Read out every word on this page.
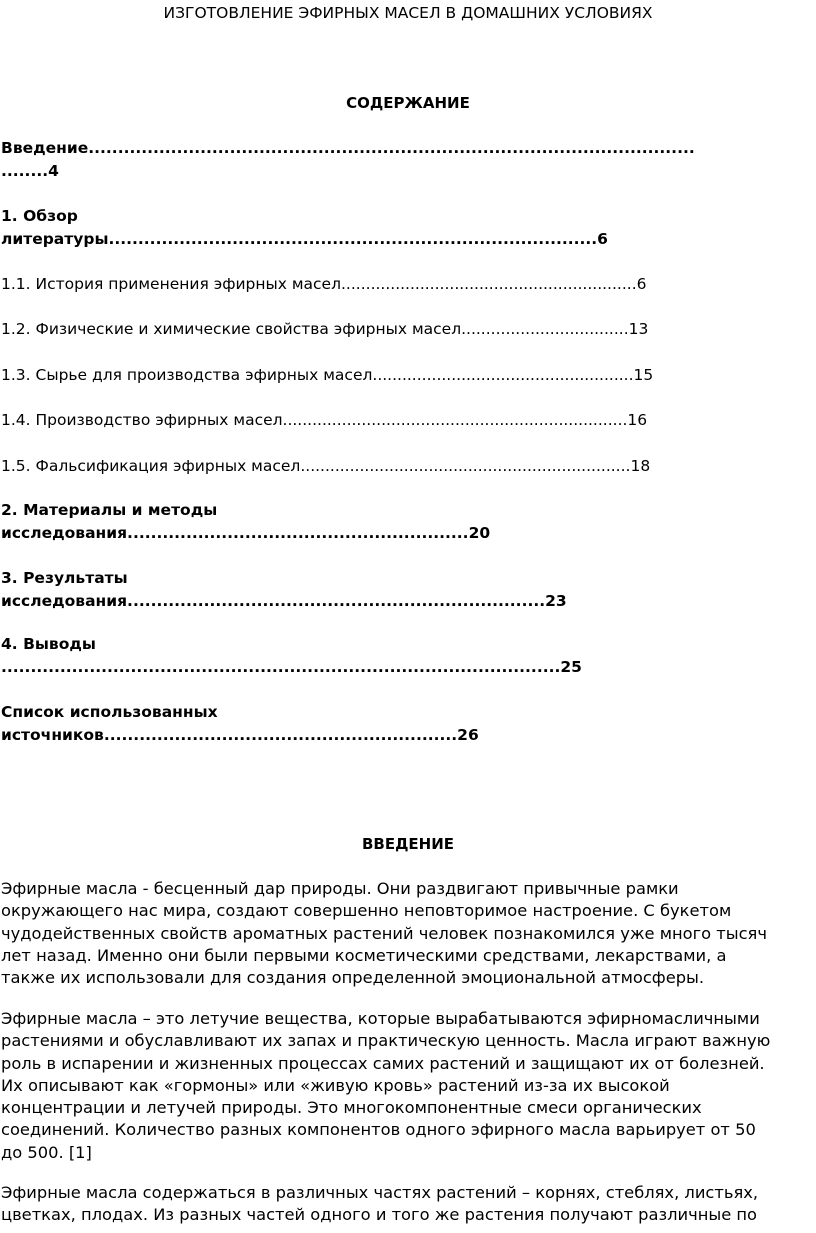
ИЗГОТОВЛЕНИЕ ЭФИРНЫХ МАСЕЛ В ДОМАШНИХ УСЛОВИЯХ
СОДЕРЖАНИЕ
Введение.......................................................................................................
........4
1. Обзор
литературы...................................................................................6
1.1. История применения эфирных масел............................................................6
1.2. Физические и химические свойства эфирных масел..................................13
1.3. Сырье для производства эфирных масел.....................................................15
1.4. Производство эфирных масел......................................................................16
1.5. Фальсификация эфирных масел...................................................................18
2. Материалы и методы
исследования..........................................................20
3. Результаты
исследования.......................................................................23
4. Выводы
...............................................................................................25
Список использованных
источников............................................................26
ВВЕДЕНИЕ
Эфирные масла - бесценный дар природы. Они раздвигают привычные рамки
окружающего нас мира, создают совершенно неповторимое настроение. С букетом
чудодейственных свойств ароматных растений человек познакомился уже много тысяч
лет назад. Именно они были первыми косметическими средствами, лекарствами, а
также их использовали для создания определенной эмоциональной атмосферы.
Эфирные масла – это летучие вещества, которые вырабатываются эфирномасличными
растениями и обуславливают их запах и практическую ценность. Масла играют важную
роль в испарении и жизненных процессах самих растений и защищают их от болезней.
Их описывают как «гормоны» или «живую кровь» растений из-за их высокой
концентрации и летучей природы. Это многокомпонентные смеси органических
соединений. Количество разных компонентов одного эфирного масла варьирует от 50
до 500. [1]
Эфирные масла содержаться в различных частях растений – корнях, стеблях, листьях,
цветках, плодах. Из разных частей одного и того же растения получают различные по
